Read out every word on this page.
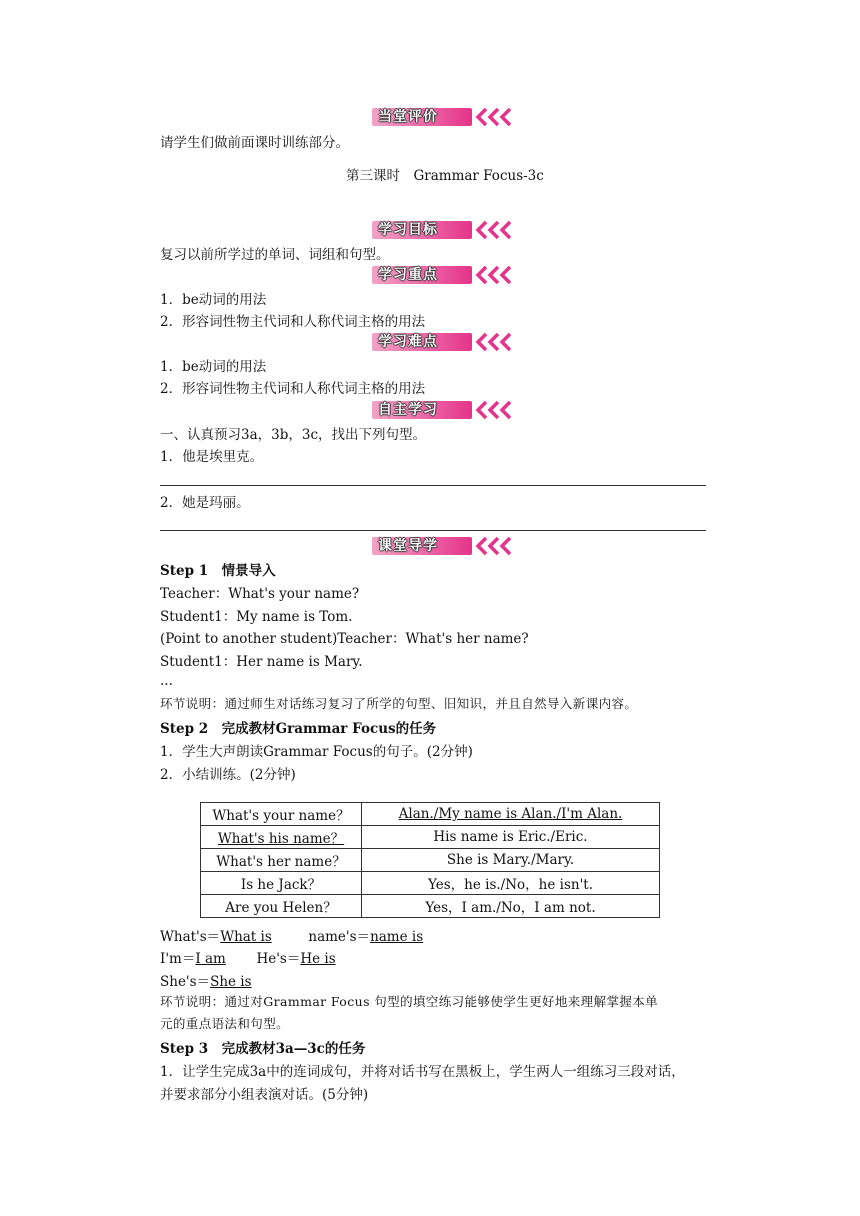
当堂评价
请学生们做前面课时训练部分。
第三课时　Grammar Focus-3c
学习目标
复习以前所学过的单词、词组和句型。
学习重点
1．be动词的用法
2．形容词性物主代词和人称代词主格的用法
学习难点
1．be动词的用法
2．形容词性物主代词和人称代词主格的用法
自主学习
一、认真预习3a，3b，3c，找出下列句型。
1．他是埃里克。
2．她是玛丽。
课堂导学
Step 1　情景导入
Teacher：What's your name?
Student1：My name is Tom.
(Point to another student)Teacher：What's her name?
Student1：Her name is Mary.
...
环节说明：通过师生对话练习复习了所学的句型、旧知识，并且自然导入新课内容。
Step 2　完成教材Grammar Focus的任务
1．学生大声朗读Grammar Focus的句子。(2分钟)
2．小结训练。(2分钟)
What's your name？	Alan./My name is Alan./I'm Alan.
What's his name？	His name is Eric./Eric.
What's her name？	She is Mary./Mary.
Is he Jack？	Yes，he is./No，he isn't.
Are you Helen？	Yes，I am./No，I am not.
What's＝What is	name's＝name is
I'm＝I am He's＝He is
She's＝She is
环节说明：通过对Grammar Focus 句型的填空练习能够使学生更好地来理解掌握本单
元的重点语法和句型。
Step 3　完成教材3a—3c的任务
1．让学生完成3a中的连词成句，并将对话书写在黑板上，学生两人一组练习三段对话，
并要求部分小组表演对话。(5分钟)
